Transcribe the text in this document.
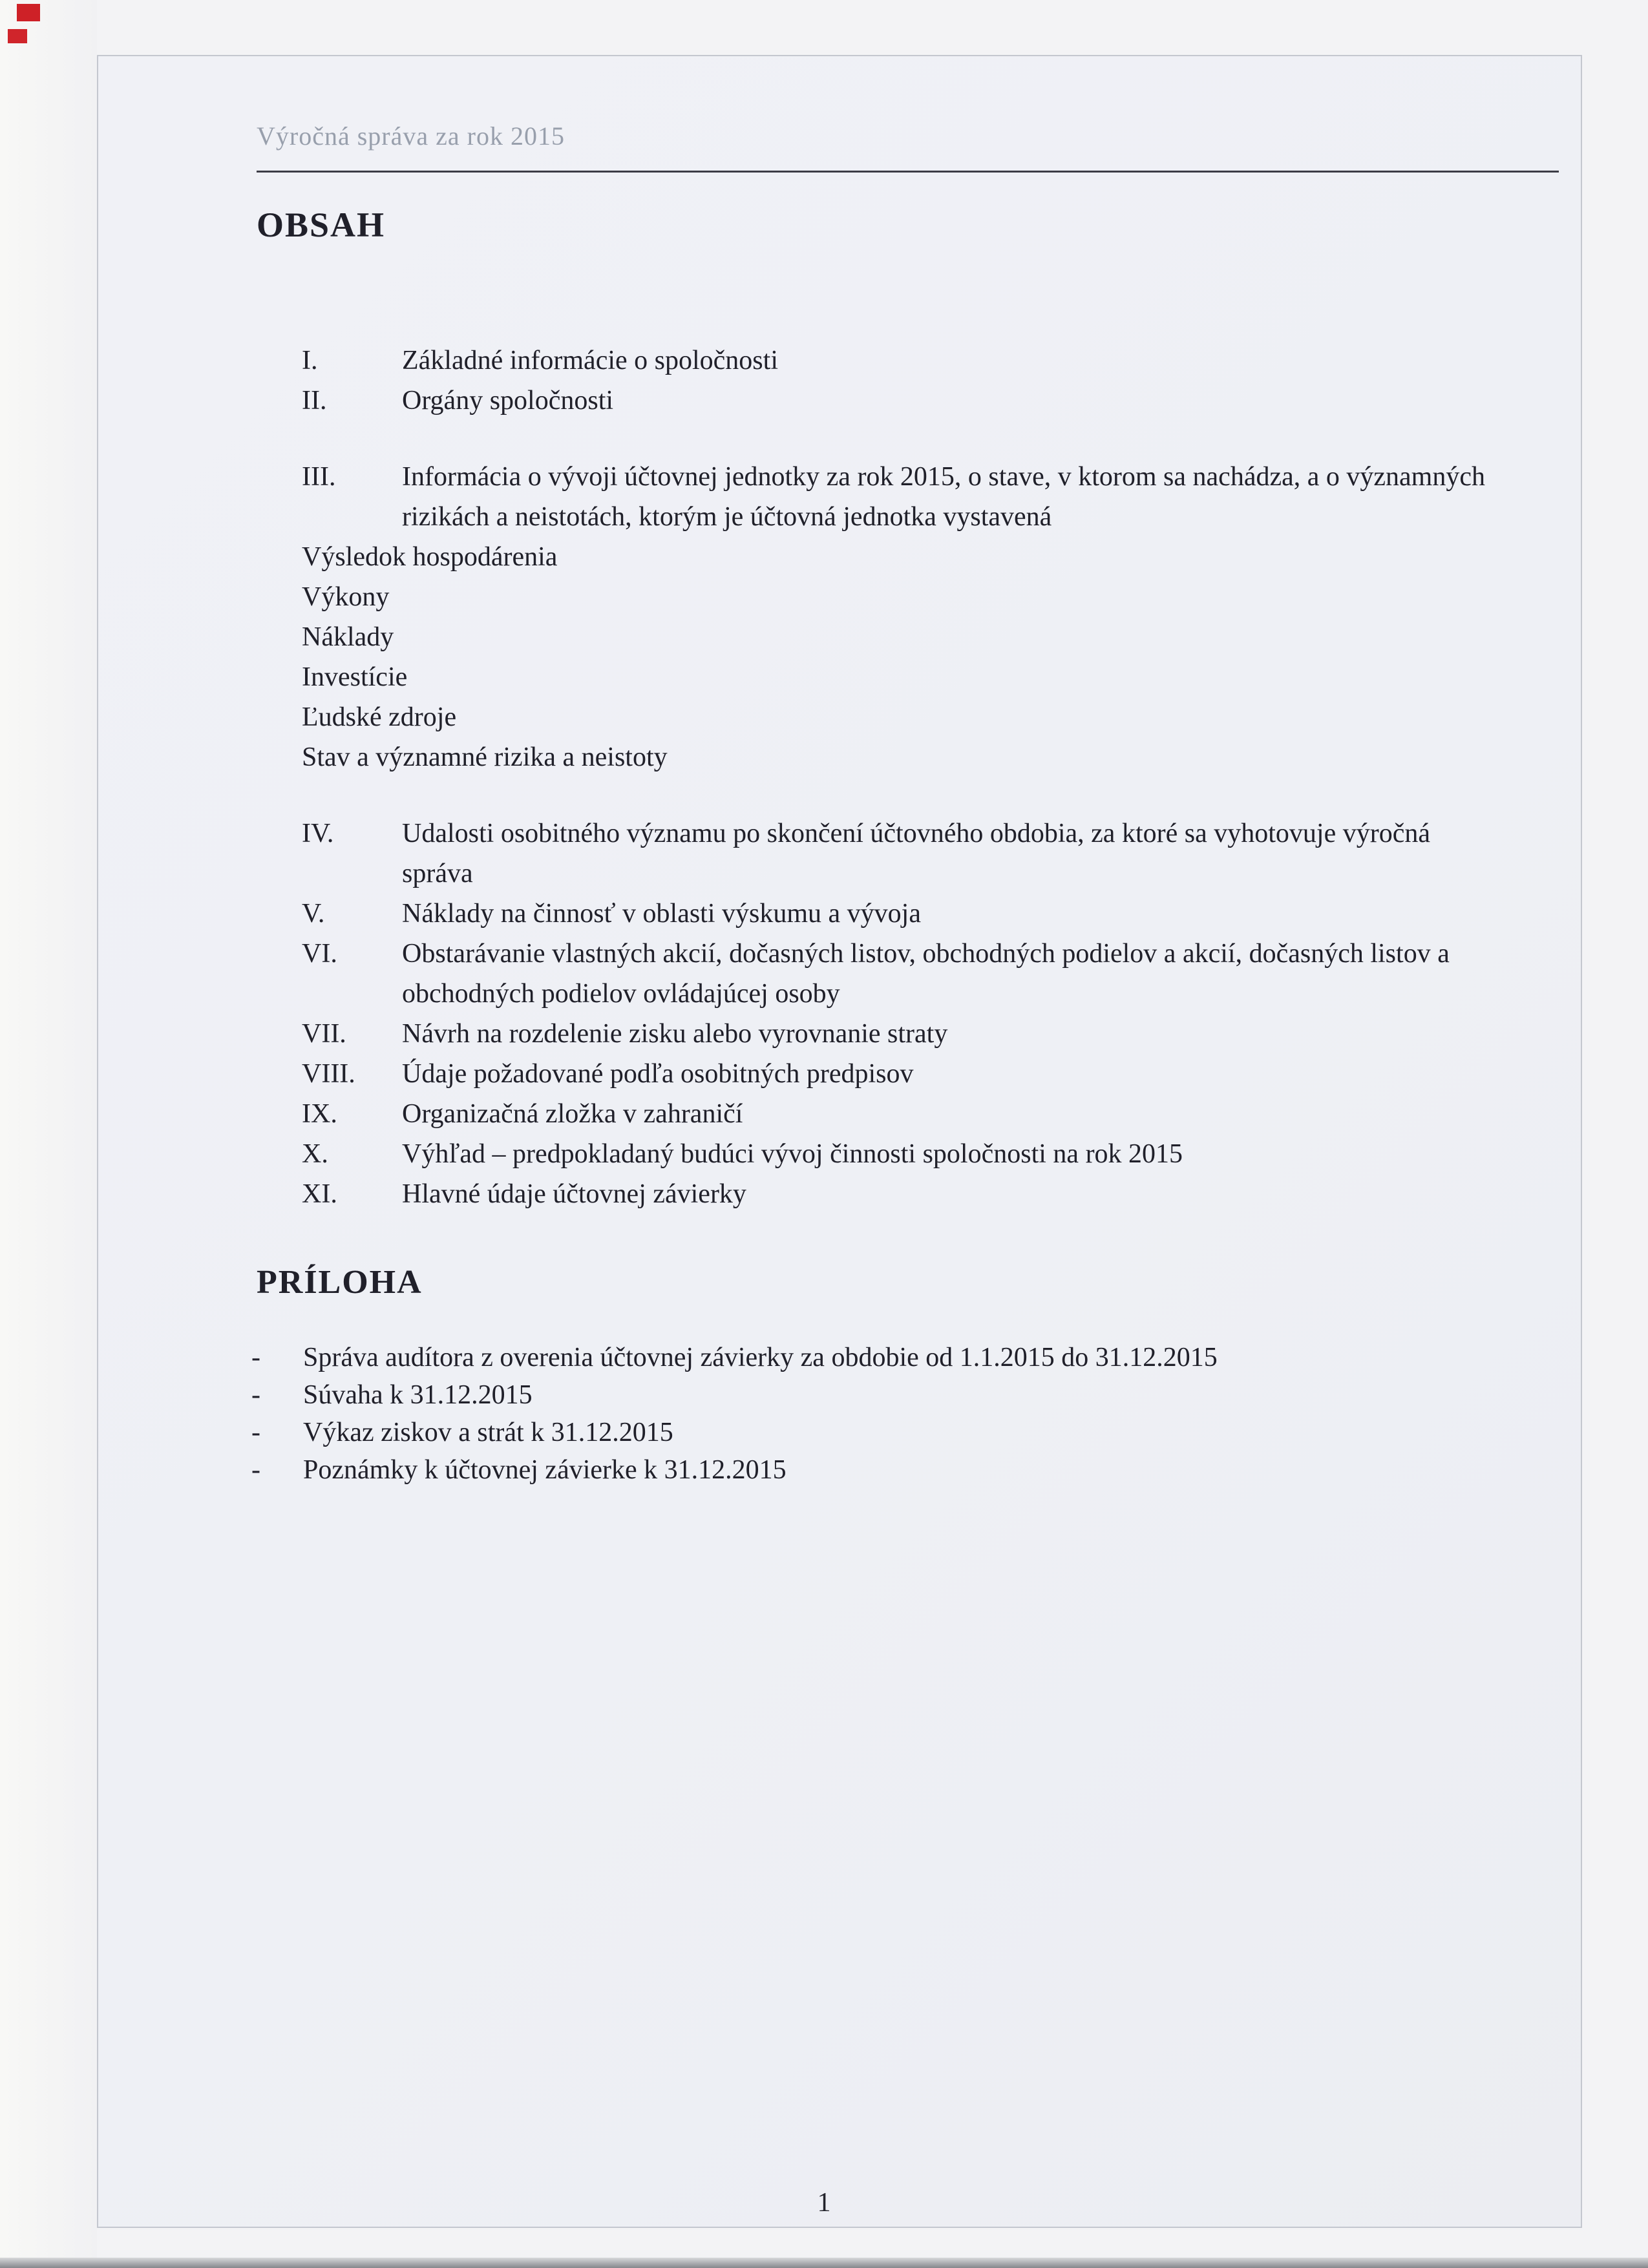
Výročná správa za rok 2015
OBSAH
I.	Základné informácie o spoločnosti
II.	Orgány spoločnosti
III.	Informácia o vývoji účtovnej jednotky za rok 2015, o stave, v ktorom sa nachádza, a o významných rizikách a neistotách, ktorým je účtovná jednotka vystavená
Výsledok hospodárenia
Výkony
Náklady
Investície
Ľudské zdroje
Stav a významné rizika a neistoty
IV.	Udalosti osobitného významu po skončení účtovného obdobia, za ktoré sa vyhotovuje výročná správa
V.	Náklady na činnosť v oblasti výskumu a vývoja
VI.	Obstarávanie vlastných akcií, dočasných listov, obchodných podielov a akcií, dočasných listov a obchodných podielov ovládajúcej osoby
VII.	Návrh na rozdelenie zisku alebo vyrovnanie straty
VIII.	Údaje požadované podľa osobitných predpisov
IX.	Organizačná zložka v zahraničí
X.	Výhľad – predpokladaný budúci vývoj činnosti spoločnosti na rok 2015
XI.	Hlavné údaje účtovnej závierky
PRÍLOHA
-	Správa audítora z overenia účtovnej závierky za obdobie od 1.1.2015 do 31.12.2015
-	Súvaha k 31.12.2015
-	Výkaz ziskov a strát k 31.12.2015
-	Poznámky k účtovnej závierke k 31.12.2015
1
